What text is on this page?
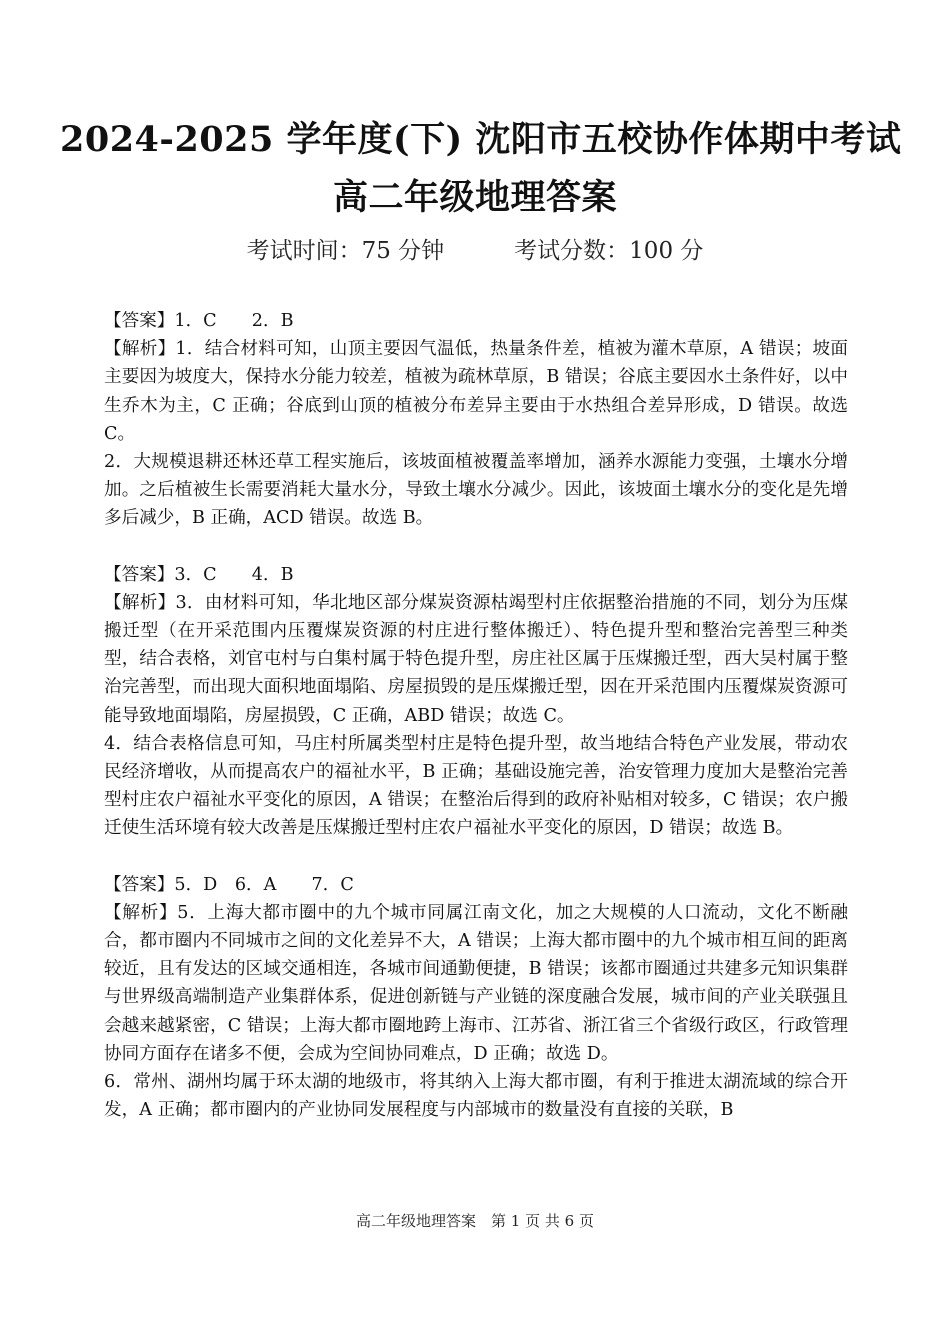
2024-2025 学年度(下) 沈阳市五校协作体期中考试
高二年级地理答案
考试时间：75 分钟	考试分数：100 分

【答案】1．C　　2．B

【解析】1．结合材料可知，山顶主要因气温低，热量条件差，植被为灌木草原，A 错误；坡面主要因为坡度大，保持水分能力较差，植被为疏林草原，B 错误；谷底主要因水土条件好，以中生乔木为主，C 正确；谷底到山顶的植被分布差异主要由于水热组合差异形成，D 错误。故选 C。

2．大规模退耕还林还草工程实施后，该坡面植被覆盖率增加，涵养水源能力变强，土壤水分增加。之后植被生长需要消耗大量水分，导致土壤水分减少。因此，该坡面土壤水分的变化是先增多后减少，B 正确，ACD 错误。故选 B。

【答案】3．C　　4．B

【解析】3．由材料可知，华北地区部分煤炭资源枯竭型村庄依据整治措施的不同，划分为压煤搬迁型（在开采范围内压覆煤炭资源的村庄进行整体搬迁）、特色提升型和整治完善型三种类型，结合表格，刘官屯村与白集村属于特色提升型，房庄社区属于压煤搬迁型，西大吴村属于整治完善型，而出现大面积地面塌陷、房屋损毁的是压煤搬迁型，因在开采范围内压覆煤炭资源可能导致地面塌陷，房屋损毁，C 正确，ABD 错误；故选 C。

4．结合表格信息可知，马庄村所属类型村庄是特色提升型，故当地结合特色产业发展，带动农民经济增收，从而提高农户的福祉水平，B 正确；基础设施完善，治安管理力度加大是整治完善型村庄农户福祉水平变化的原因，A 错误；在整治后得到的政府补贴相对较多，C 错误；农户搬迁使生活环境有较大改善是压煤搬迁型村庄农户福祉水平变化的原因，D 错误；故选 B。

【答案】5．D　6．A　　7．C

【解析】5．上海大都市圈中的九个城市同属江南文化，加之大规模的人口流动，文化不断融合，都市圈内不同城市之间的文化差异不大，A 错误；上海大都市圈中的九个城市相互间的距离较近，且有发达的区域交通相连，各城市间通勤便捷，B 错误；该都市圈通过共建多元知识集群与世界级高端制造产业集群体系，促进创新链与产业链的深度融合发展，城市间的产业关联强且会越来越紧密，C 错误；上海大都市圈地跨上海市、江苏省、浙江省三个省级行政区，行政管理协同方面存在诸多不便，会成为空间协同难点，D 正确；故选 D。

6．常州、湖州均属于环太湖的地级市，将其纳入上海大都市圈，有利于推进太湖流域的综合开发，A 正确；都市圈内的产业协同发展程度与内部城市的数量没有直接的关联，B

高二年级地理答案　第 1 页 共 6 页
